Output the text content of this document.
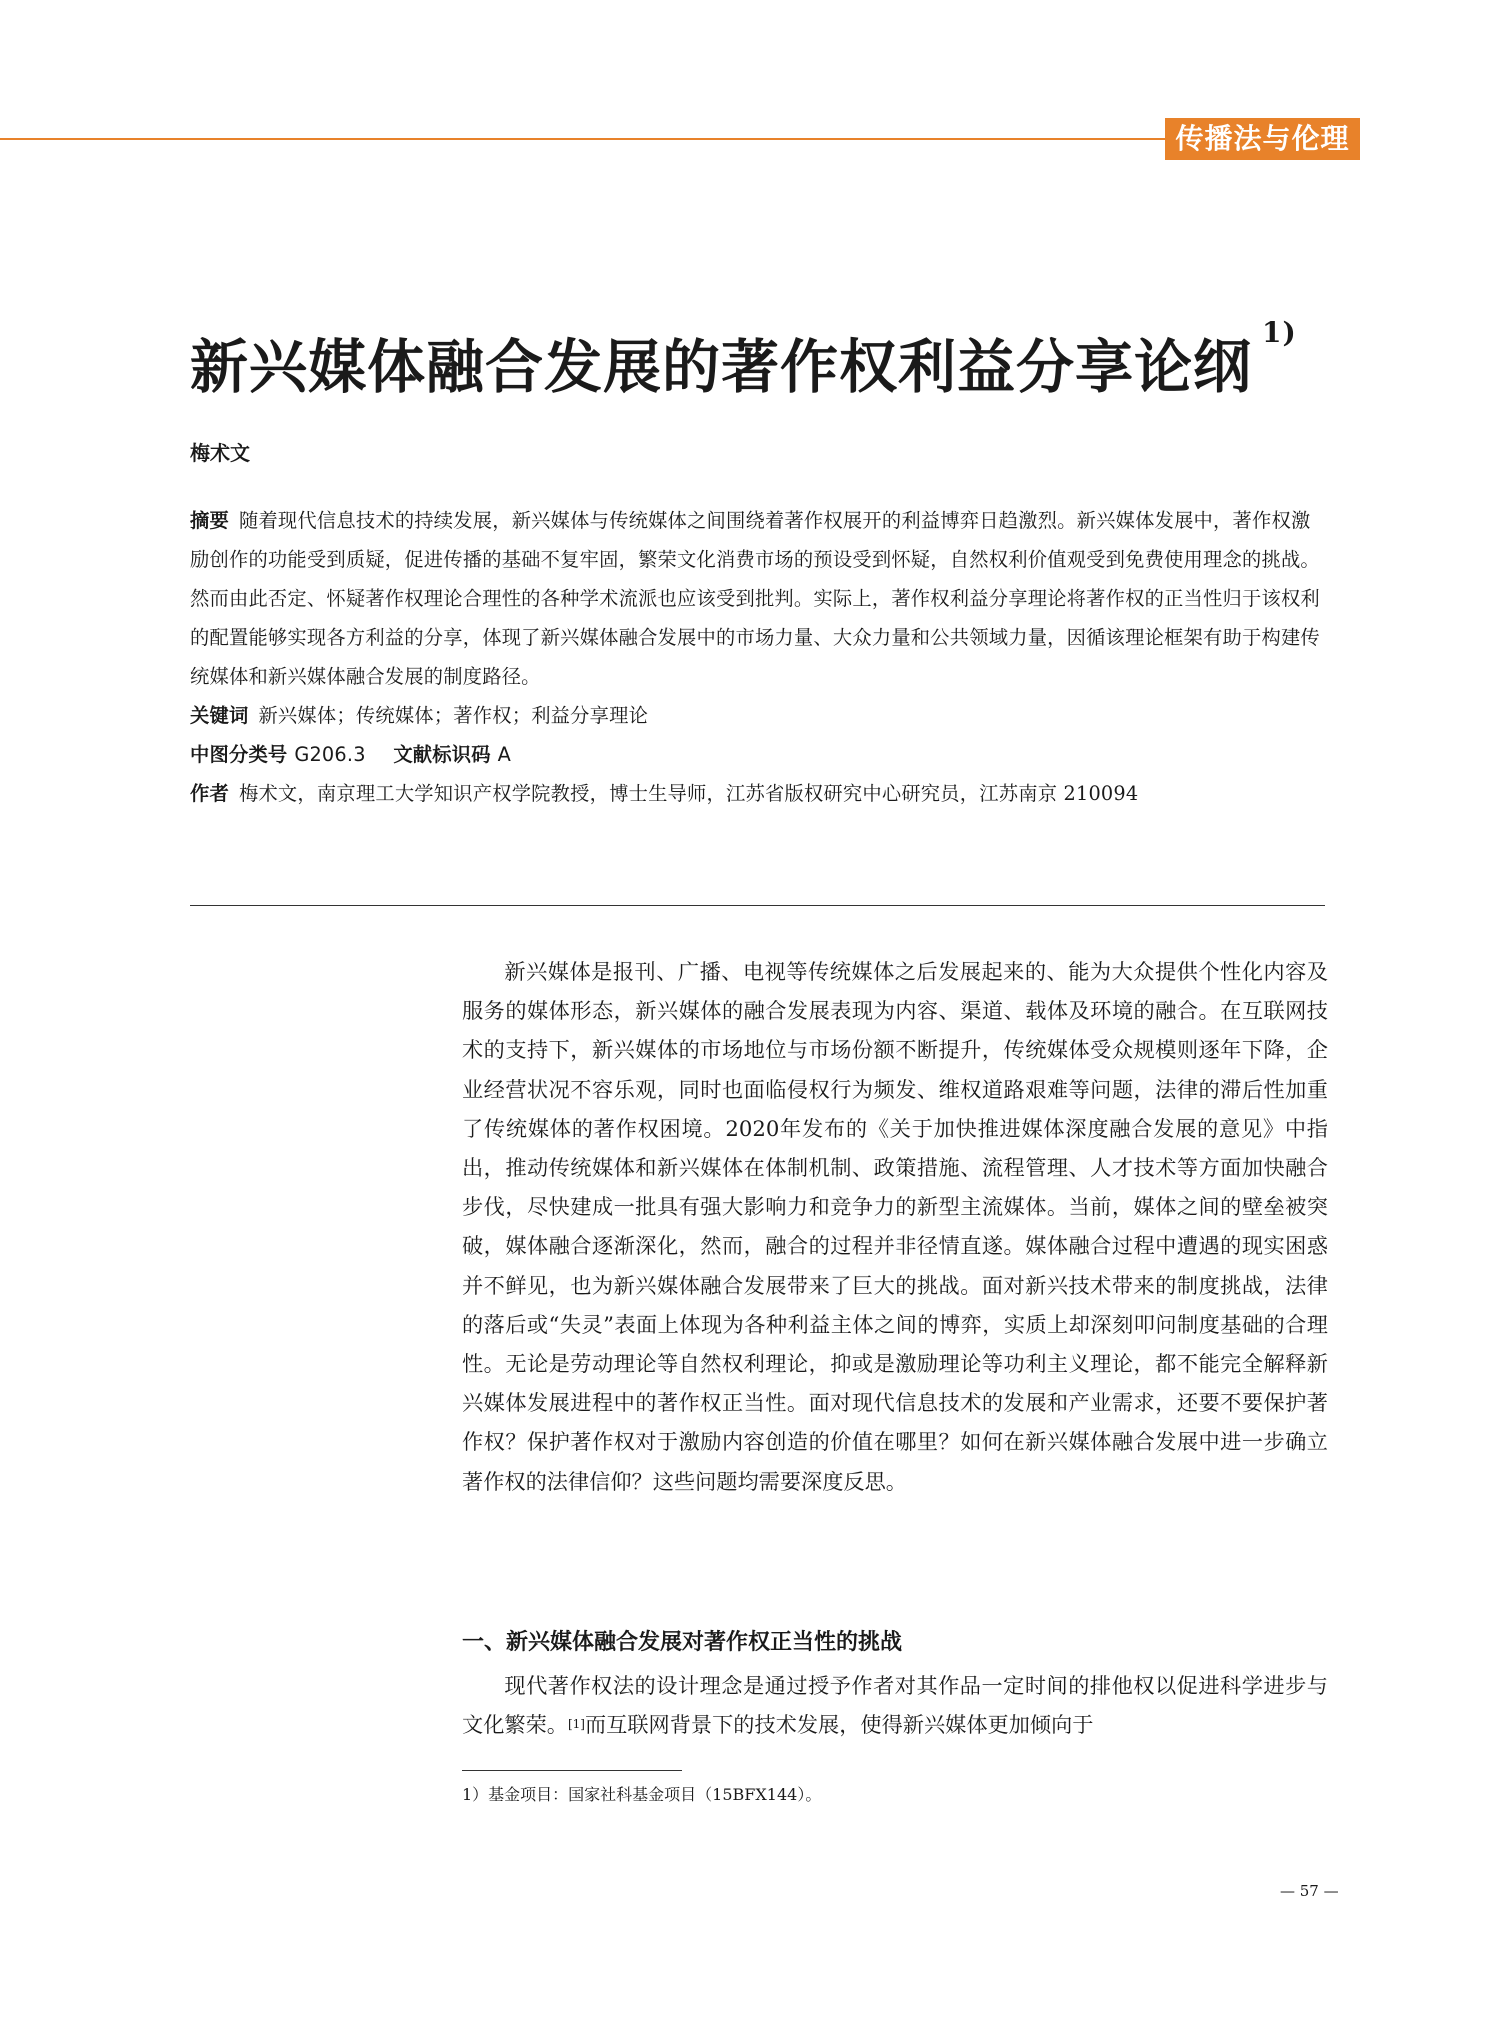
传播法与伦理
新兴媒体融合发展的著作权利益分享论纲$^{1)}$
梅术文

摘要 随着现代信息技术的持续发展，新兴媒体与传统媒体之间围绕着著作权展开的利益博弈日趋激烈。新兴媒体发展中，著作权激励创作的功能受到质疑，促进传播的基础不复牢固，繁荣文化消费市场的预设受到怀疑，自然权利价值观受到免费使用理念的挑战。然而由此否定、怀疑著作权理论合理性的各种学术流派也应该受到批判。实际上，著作权利益分享理论将著作权的正当性归于该权利的配置能够实现各方利益的分享，体现了新兴媒体融合发展中的市场力量、大众力量和公共领域力量，因循该理论框架有助于构建传统媒体和新兴媒体融合发展的制度路径。

关键词 新兴媒体；传统媒体；著作权；利益分享理论

中图分类号 G206.3 文献标识码 A

作者 梅术文，南京理工大学知识产权学院教授，博士生导师，江苏省版权研究中心研究员，江苏南京 210094

新兴媒体是报刊、广播、电视等传统媒体之后发展起来的、能为大众提供个性化内容及服务的媒体形态，新兴媒体的融合发展表现为内容、渠道、载体及环境的融合。在互联网技术的支持下，新兴媒体的市场地位与市场份额不断提升，传统媒体受众规模则逐年下降，企业经营状况不容乐观，同时也面临侵权行为频发、维权道路艰难等问题，法律的滞后性加重了传统媒体的著作权困境。2020年发布的《关于加快推进媒体深度融合发展的意见》中指出，推动传统媒体和新兴媒体在体制机制、政策措施、流程管理、人才技术等方面加快融合步伐，尽快建成一批具有强大影响力和竞争力的新型主流媒体。当前，媒体之间的壁垒被突破，媒体融合逐渐深化，然而，融合的过程并非径情直遂。媒体融合过程中遭遇的现实困惑并不鲜见，也为新兴媒体融合发展带来了巨大的挑战。面对新兴技术带来的制度挑战，法律的落后或“失灵”表面上体现为各种利益主体之间的博弈，实质上却深刻叩问制度基础的合理性。无论是劳动理论等自然权利理论，抑或是激励理论等功利主义理论，都不能完全解释新兴媒体发展进程中的著作权正当性。面对现代信息技术的发展和产业需求，还要不要保护著作权？保护著作权对于激励内容创造的价值在哪里？如何在新兴媒体融合发展中进一步确立著作权的法律信仰？这些问题均需要深度反思。

一、新兴媒体融合发展对著作权正当性的挑战

现代著作权法的设计理念是通过授予作者对其作品一定时间的排他权以促进科学进步与文化繁荣。[1]而互联网背景下的技术发展，使得新兴媒体更加倾向于

1）基金项目：国家社科基金项目（15BFX144）。
— 57 —
